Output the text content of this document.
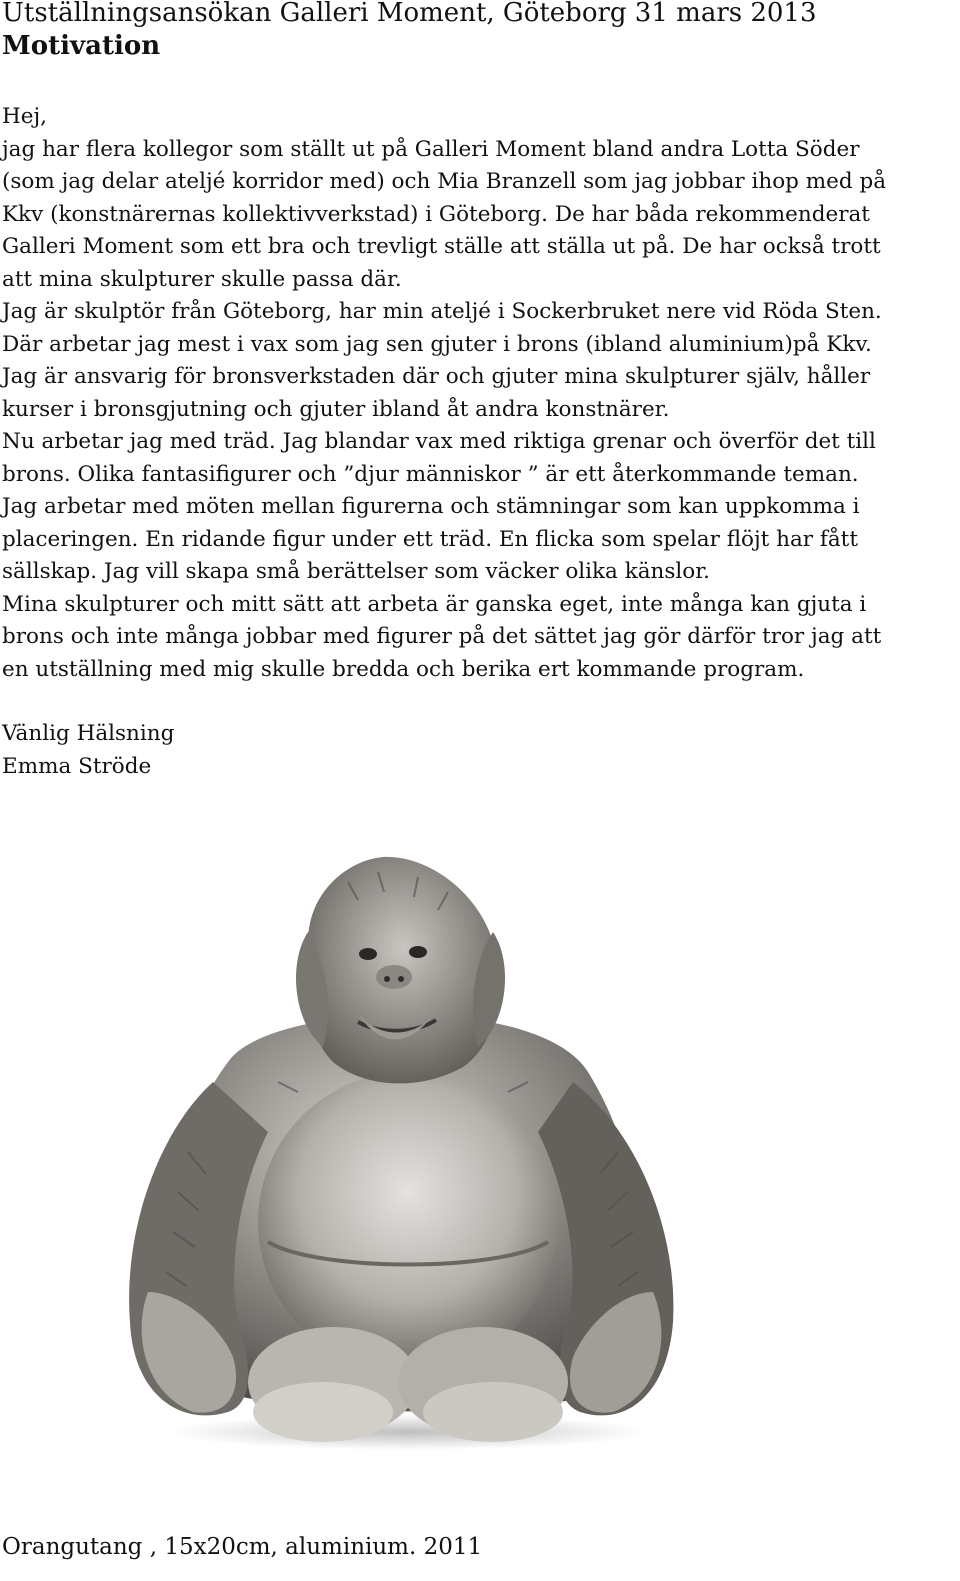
Utställningsansökan Galleri Moment, Göteborg 31 mars 2013
Motivation

Hej,

jag har flera kollegor som ställt ut på Galleri Moment bland andra Lotta Söder

(som jag delar ateljé korridor med) och Mia Branzell som jag jobbar ihop med på

Kkv (konstnärernas kollektivverkstad) i Göteborg. De har båda rekommenderat

Galleri Moment som ett bra och trevligt ställe att ställa ut på. De har också trott

att mina skulpturer skulle passa där.

Jag är skulptör från Göteborg, har min ateljé i Sockerbruket nere vid Röda Sten.

Där arbetar jag mest i vax som jag sen gjuter i brons (ibland aluminium)på Kkv.

Jag är ansvarig för bronsverkstaden där och gjuter mina skulpturer själv, håller

kurser i bronsgjutning och gjuter ibland åt andra konstnärer.

Nu arbetar jag med träd. Jag blandar vax med riktiga grenar och överför det till

brons. Olika fantasifigurer och ”djur människor ” är ett återkommande teman.

Jag arbetar med möten mellan figurerna och stämningar som kan uppkomma i

placeringen. En ridande figur under ett träd. En flicka som spelar flöjt har fått

sällskap. Jag vill skapa små berättelser som väcker olika känslor.

Mina skulpturer och mitt sätt att arbeta är ganska eget, inte många kan gjuta i

brons och inte många jobbar med figurer på det sättet jag gör därför tror jag att

en utställning med mig skulle bredda och berika ert kommande program.

Vänlig Hälsning

Emma Ströde

Orangutang , 15x20cm, aluminium. 2011
